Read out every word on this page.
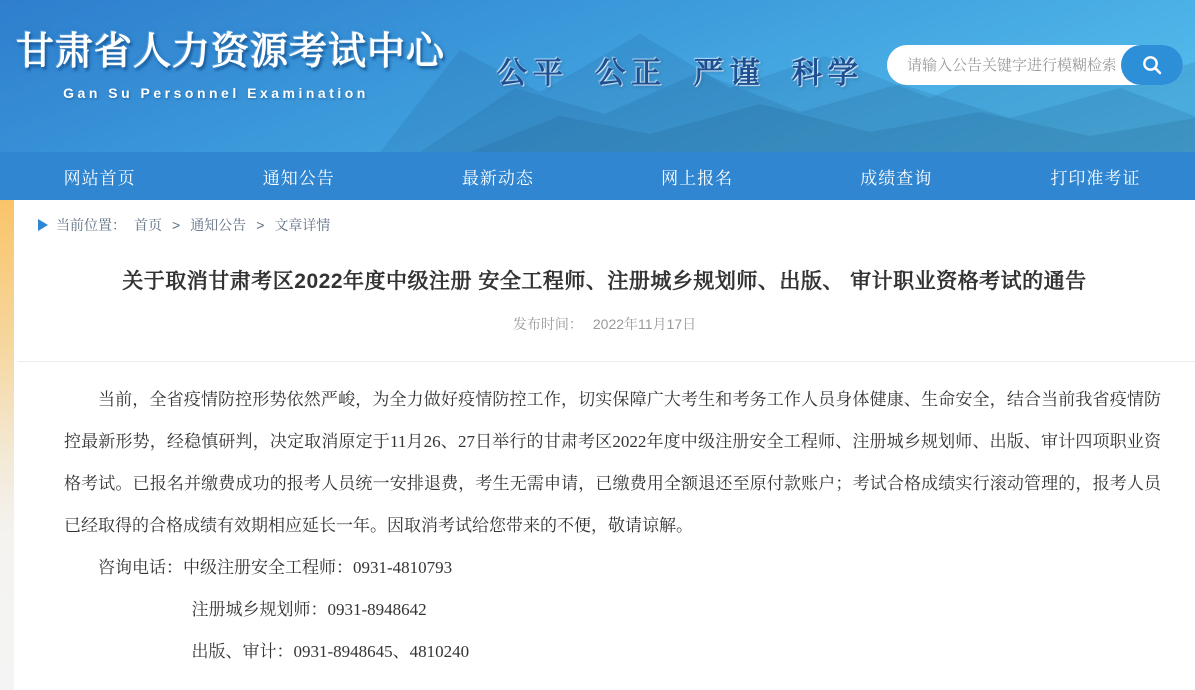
甘肃省人力资源考试中心
Gan Su Personnel Examination
公平 公正 严谨 科学
请输入公告关键字进行模糊检索...
网站首页	通知公告	最新动态	网上报名	成绩查询	打印准考证
当前位置： 首页 > 通知公告 > 文章详情
关于取消甘肃考区2022年度中级注册 安全工程师、注册城乡规划师、出版、 审计职业资格考试的通告
发布时间： 2022年11月17日

当前，全省疫情防控形势依然严峻，为全力做好疫情防控工作，切实保障广大考生和考务工作人员身体健康、生命安全，结合当前我省疫情防控最新形势，经稳慎研判，决定取消原定于11月26、27日举行的甘肃考区2022年度中级注册安全工程师、注册城乡规划师、出版、审计四项职业资格考试。已报名并缴费成功的报考人员统一安排退费，考生无需申请，已缴费用全额退还至原付款账户；考试合格成绩实行滚动管理的，报考人员已经取得的合格成绩有效期相应延长一年。因取消考试给您带来的不便，敬请谅解。

咨询电话：中级注册安全工程师：0931-4810793

注册城乡规划师：0931-8948642

出版、审计：0931-8948645、4810240
